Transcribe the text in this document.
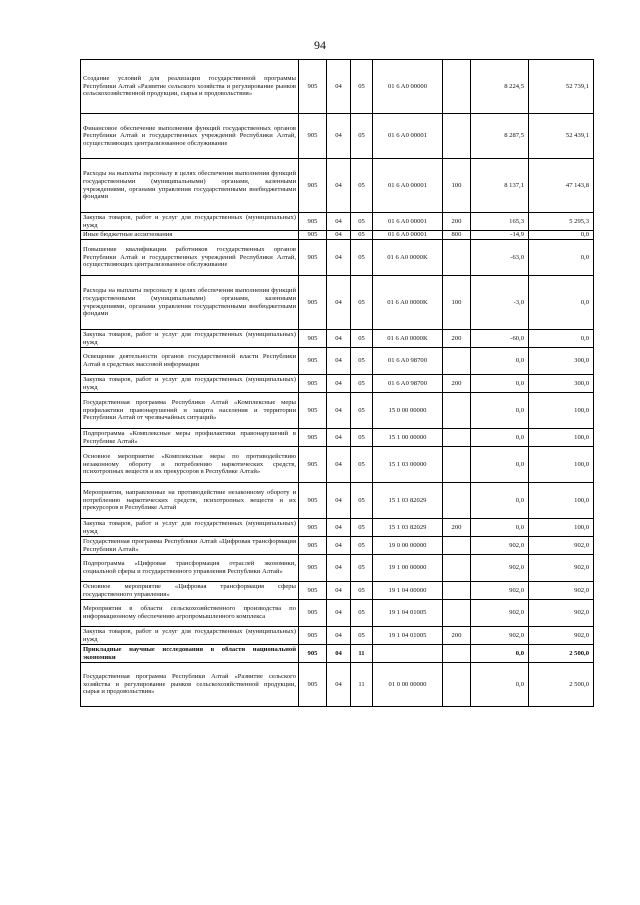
94
Создание условий для реализации государственной программы Республики Алтай «Развитие сельского хозяйства и регулирование рынков сельскохозяйственной продукции, сырья и продовольствия»	905	04	05	01 6 A0 00000		8 224,5	52 739,1
Финансовое обеспечение выполнения функций государственных органов Республики Алтай и государственных учреждений Республики Алтай, осуществляющих централизованное обслуживание	905	04	05	01 6 A0 00001		8 287,5	52 439,1
Расходы на выплаты персоналу в целях обеспечения выполнения функций государственными (муниципальными) органами, казенными учреждениями, органами управления государственными внебюджетными фондами	905	04	05	01 6 A0 00001	100	8 137,1	47 143,8
Закупка товаров, работ и услуг для государственных (муниципальных) нужд	905	04	05	01 6 A0 00001	200	165,3	5 295,3
Иные бюджетные ассигнования	905	04	05	01 6 A0 00001	800	-14,9	0,0
Повышение квалификации работников государственных органов Республики Алтай и государственных учреждений Республики Алтай, осуществляющих централизованное обслуживание	905	04	05	01 6 A0 0000K		-63,0	0,0
Расходы на выплаты персоналу в целях обеспечения выполнения функций государственными (муниципальными) органами, казенными учреждениями, органами управления государственными внебюджетными фондами	905	04	05	01 6 A0 0000K	100	-3,0	0,0
Закупка товаров, работ и услуг для государственных (муниципальных) нужд	905	04	05	01 6 A0 0000K	200	-60,0	0,0
Освещение деятельности органов государственной власти Республики Алтай в средствах массовой информации	905	04	05	01 6 A0 98700		0,0	300,0
Закупка товаров, работ и услуг для государственных (муниципальных) нужд	905	04	05	01 6 A0 98700	200	0,0	300,0
Государственная программа Республики Алтай «Комплексные меры профилактики правонарушений и защита населения и территории Республики Алтай от чрезвычайных ситуаций»	905	04	05	15 0 00 00000		0,0	100,0
Подпрограмма «Комплексные меры профилактики правонарушений в Республике Алтай»	905	04	05	15 1 00 00000		0,0	100,0
Основное мероприятие «Комплексные меры по противодействию незаконному обороту и потреблению наркотических средств, психотропных веществ и их прекурсоров в Республике Алтай»	905	04	05	15 1 03 00000		0,0	100,0
Мероприятия, направленные на противодействие незаконному обороту и потреблению наркотических средств, психотропных веществ и их прекурсоров в Республике Алтай	905	04	05	15 1 03 82029		0,0	100,0
Закупка товаров, работ и услуг для государственных (муниципальных) нужд	905	04	05	15 1 03 82029	200	0,0	100,0
Государственная программа Республики Алтай «Цифровая трансформация Республики Алтай»	905	04	05	19 0 00 00000		902,0	902,0
Подпрограмма «Цифровая трансформация отраслей экономики, социальной сферы и государственного управления Республики Алтай»	905	04	05	19 1 00 00000		902,0	902,0
Основное мероприятие «Цифровая трансформация сферы государственного управления»	905	04	05	19 1 04 00000		902,0	902,0
Мероприятия в области сельскохозяйственного производства по информационному обеспечению агропромышленного комплекса	905	04	05	19 1 04 01005		902,0	902,0
Закупка товаров, работ и услуг для государственных (муниципальных) нужд	905	04	05	19 1 04 01005	200	902,0	902,0
Прикладные научные исследования в области национальной экономики	905	04	11			0,0	2 500,0
Государственная программа Республики Алтай «Развитие сельского хозяйства и регулирование рынков сельскохозяйственной продукции, сырья и продовольствия»	905	04	11	01 0 00 00000		0,0	2 500,0
